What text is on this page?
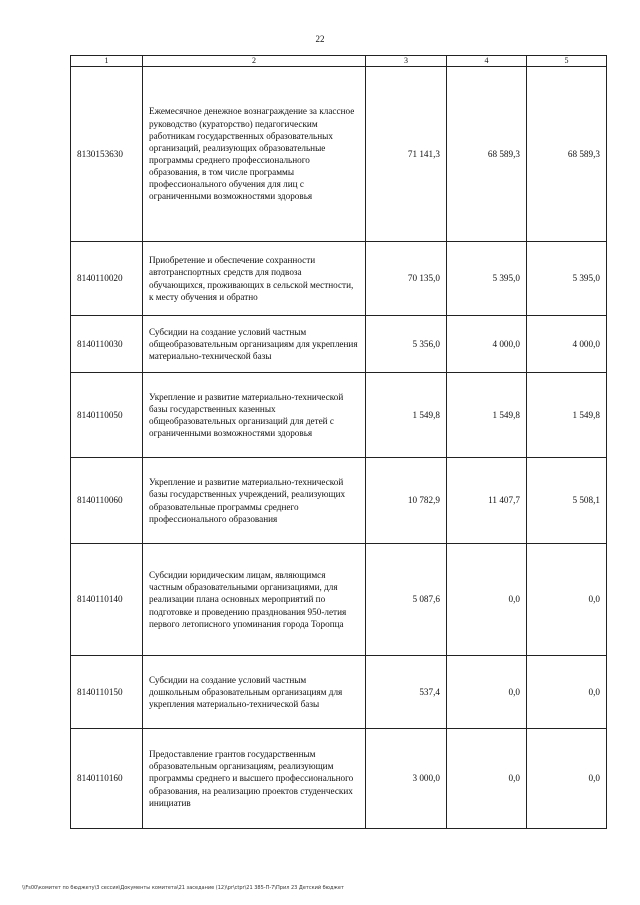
22
1	2	3	4	5
8130153630	Ежемесячное денежное вознаграждение за классное руководство (кураторство) педагогическим работникам государственных образовательных организаций, реализующих образовательные программы среднего профессионального образования, в том числе программы профессионального обучения для лиц с ограниченными возможностями здоровья	71 141,3	68 589,3	68 589,3
8140110020	Приобретение и обеспечение сохранности автотранспортных средств для подвоза обучающихся, проживающих в сельской местности, к месту обучения и обратно	70 135,0	5 395,0	5 395,0
8140110030	Субсидии на создание условий частным общеобразовательным организациям для укрепления материально-технической базы	5 356,0	4 000,0	4 000,0
8140110050	Укрепление и развитие материально-технической базы государственных казенных общеобразовательных организаций для детей с ограниченными возможностями здоровья	1 549,8	1 549,8	1 549,8
8140110060	Укрепление и развитие материально-технической базы государственных учреждений, реализующих образовательные программы среднего профессионального образования	10 782,9	11 407,7	5 508,1
8140110140	Субсидии юридическим лицам, являющимся частным образовательными организациями, для реализации плана основных мероприятий по подготовке и проведению празднования 950-летия первого летописного упоминания города Торопца	5 087,6	0,0	0,0
8140110150	Субсидии на создание условий частным дошкольным образовательным организациям для укрепления материально-технической базы	537,4	0,0	0,0
8140110160	Предоставление грантов государственным образовательным организациям, реализующим программы среднего и высшего профессионального образования, на реализацию проектов студенческих инициатив	3 000,0	0,0	0,0
\\Fs00\комитет по бюджету\3 сессия\Документы комитета\21 заседание (12)\pr\ctpr\21 385-П-7\Прил 23 Детский бюджет
